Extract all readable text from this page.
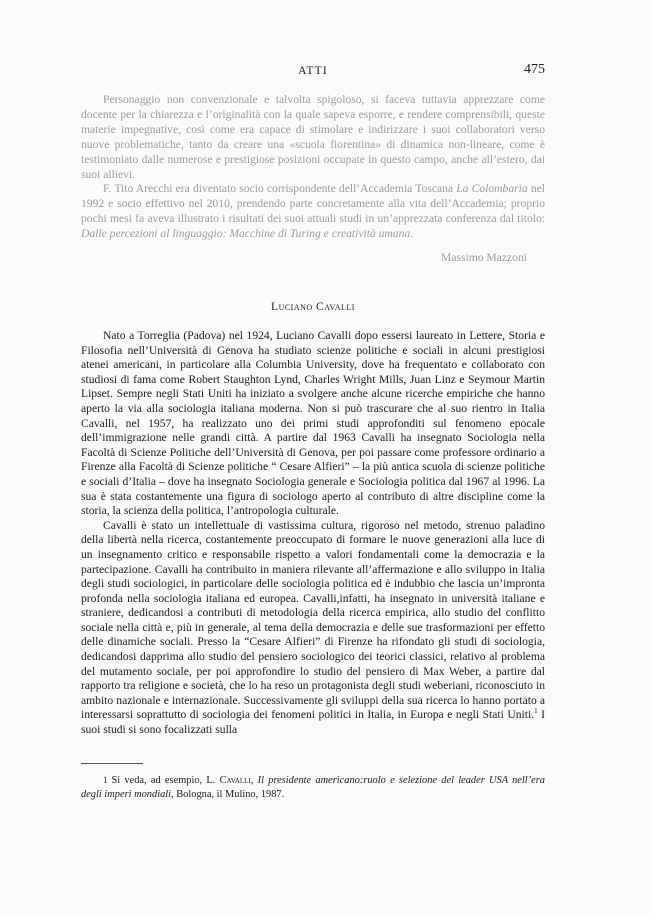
ATTI	475

Personaggio non convenzionale e talvolta spigoloso, si faceva tuttavia apprezzare come docente per la chiarezza e l’originalità con la quale sapeva esporre, e rendere comprensibili, queste materie impegnative, così come era capace di stimolare e indirizzare i suoi collaboratori verso nuove problematiche, tanto da creare una «scuola fiorentina» di dinamica non-lineare, come è testimoniato dalle numerose e prestigiose posizioni occupate in questo campo, anche all’estero, dai suoi allievi.

F. Tito Arecchi era diventato socio corrispondente dell’Accademia Toscana La Colombaria nel 1992 e socio effettivo nel 2010, prendendo parte concretamente alla vita dell’Accademia; proprio pochi mesi fa aveva illustrato i risultati dei suoi attuali studi in un’apprezzata conferenza dal titolo: Dalle percezioni al linguaggio: Macchine di Turing e creatività umana.

Massimo Mazzoni

Luciano Cavalli

Nato a Torreglia (Padova) nel 1924, Luciano Cavalli dopo essersi laureato in Lettere, Storia e Filosofia nell’Università di Genova ha studiato scienze politiche e sociali in alcuni prestigiosi atenei americani, in particolare alla Columbia University, dove ha frequentato e collaborato con studiosi di fama come Robert Staughton Lynd, Charles Wright Mills, Juan Linz e Seymour Martin Lipset. Sempre negli Stati Uniti ha iniziato a svolgere anche alcune ricerche empiriche che hanno aperto la via alla sociologia italiana moderna. Non si può trascurare che al suo rientro in Italia Cavalli, nel 1957, ha realizzato uno dei primi studi approfonditi sul fenomeno epocale dell’immigrazione nelle grandi città. A partire dal 1963 Cavalli ha insegnato Sociologia nella Facoltà di Scienze Politiche dell’Università di Genova, per poi passare come professore ordinario a Firenze alla Facoltà di Scienze politiche “ Cesare Alfieri” – la più antica scuola di scienze politiche e sociali d’Italia – dove ha insegnato Sociologia generale e Sociologia politica dal 1967 al 1996. La sua è stata costantemente una figura di sociologo aperto al contributo di altre discipline come la storia, la scienza della politica, l’antropologia culturale.

Cavalli è stato un intellettuale di vastissima cultura, rigoroso nel metodo, strenuo paladino della libertà nella ricerca, costantemente preoccupato di formare le nuove generazioni alla luce di un insegnamento critico e responsabile rispetto a valori fondamentali come la democrazia e la partecipazione. Cavalli ha contribuito in maniera rilevante all’affermazione e allo sviluppo in Italia degli studi sociologici, in particolare delle sociologia politica ed è indubbio che lascia un’impronta profonda nella sociologia italiana ed europea. Cavalli,infatti, ha insegnato in università italiane e straniere, dedicandosi a contributi di metodologia della ricerca empirica, allo studio del conflitto sociale nella città e, più in generale, al tema della democrazia e delle sue trasformazioni per effetto delle dinamiche sociali. Presso la “Cesare Alfieri” di Firenze ha rifondato gli studi di sociologia, dedicandosi dapprima allo studio del pensiero sociologico dei teorici classici, relativo al problema del mutamento sociale, per poi approfondire lo studio del pensiero di Max Weber, a partire dal rapporto tra religione e società, che lo ha reso un protagonista degli studi weberiani, riconosciuto in ambito nazionale e internazionale. Successivamente gli sviluppi della sua ricerca lo hanno portato a interessarsi soprattutto di sociologia dei fenomeni politici in Italia, in Europa e negli Stati Uniti.$^1$ I suoi studi si sono focalizzati sulla

1 Si veda, ad esempio, L. Cavalli, Il presidente americano:ruolo e selezione del leader USA nell’era degli imperi mondiali, Bologna, il Mulino, 1987.
